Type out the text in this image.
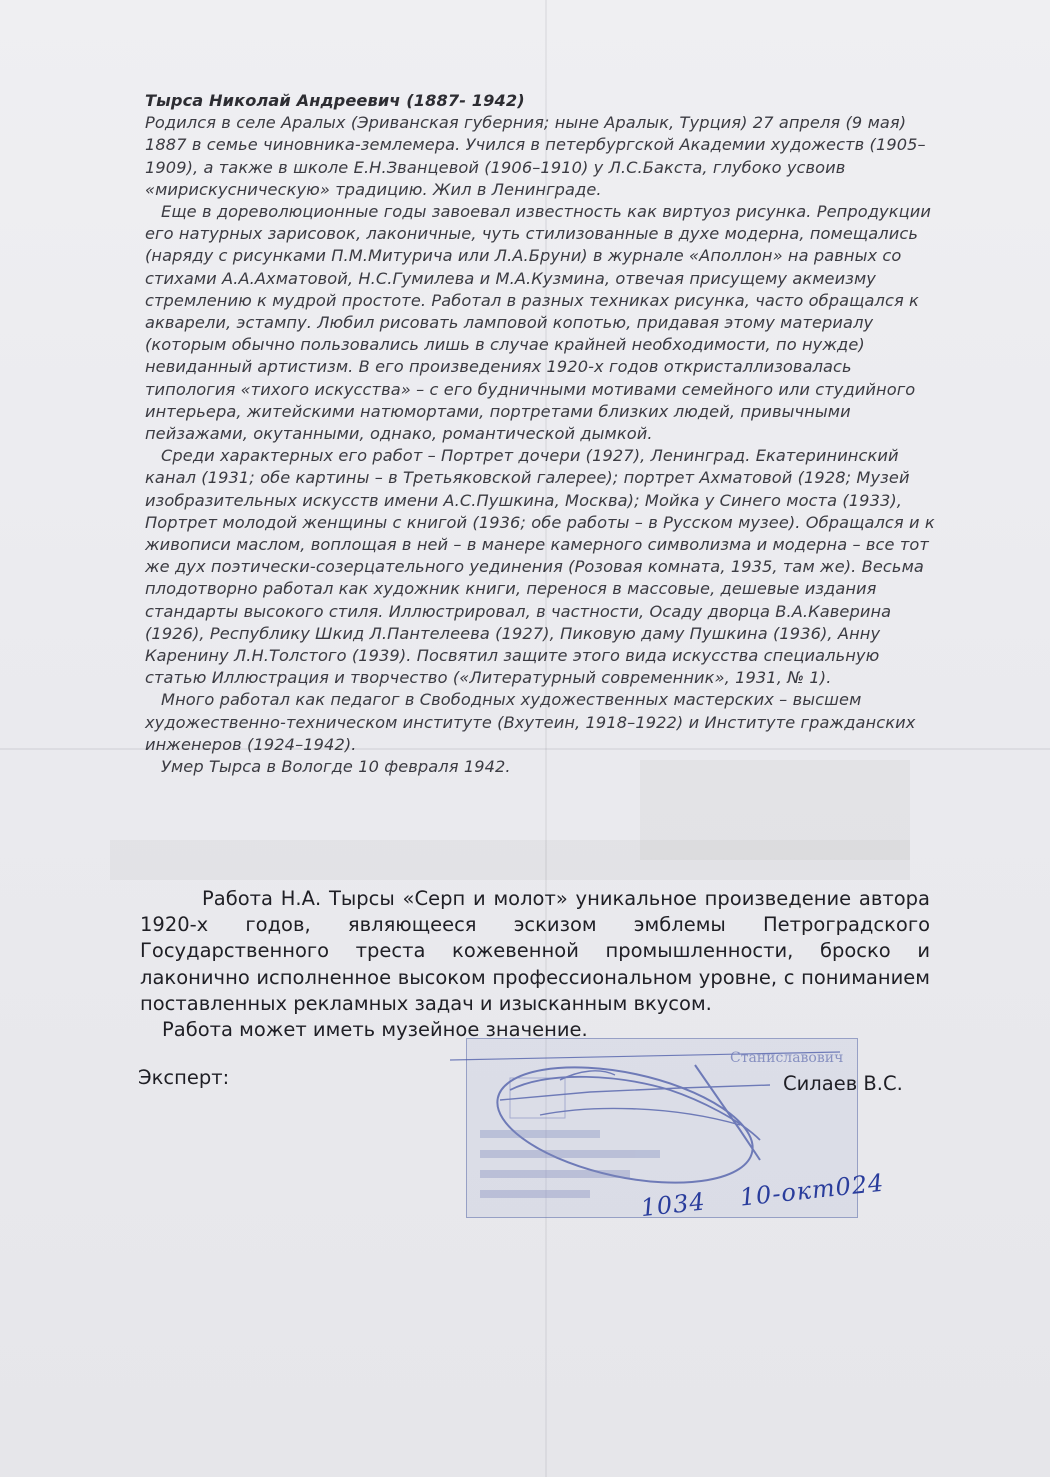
Тырса Николай Андреевич (1887- 1942)

Родился в селе Аралых (Эриванская губерния; ныне Аралык, Турция) 27 апреля (9 мая) 1887 в семье чиновника-землемера. Учился в петербургской Академии художеств (1905–1909), а также в школе Е.Н.Званцевой (1906–1910) у Л.С.Бакста, глубоко усвоив «мирискусническую» традицию. Жил в Ленинграде.

Еще в дореволюционные годы завоевал известность как виртуоз рисунка. Репродукции его натурных зарисовок, лаконичные, чуть стилизованные в духе модерна, помещались (наряду с рисунками П.М.Митурича или Л.А.Бруни) в журнале «Аполлон» на равных со стихами А.А.Ахматовой, Н.С.Гумилева и М.А.Кузмина, отвечая присущему акмеизму стремлению к мудрой простоте. Работал в разных техниках рисунка, часто обращался к акварели, эстампу. Любил рисовать ламповой копотью, придавая этому материалу (которым обычно пользовались лишь в случае крайней необходимости, по нужде) невиданный артистизм. В его произведениях 1920-х годов откристаллизовалась типология «тихого искусства» – с его будничными мотивами семейного или студийного интерьера, житейскими натюмортами, портретами близких людей, привычными пейзажами, окутанными, однако, романтической дымкой.

Среди характерных его работ – Портрет дочери (1927), Ленинград. Екатерининский канал (1931; обе картины – в Третьяковской галерее); портрет Ахматовой (1928; Музей изобразительных искусств имени А.С.Пушкина, Москва); Мойка у Синего моста (1933), Портрет молодой женщины с книгой (1936; обе работы – в Русском музее). Обращался и к живописи маслом, воплощая в ней – в манере камерного символизма и модерна – все тот же дух поэтически-созерцательного уединения (Розовая комната, 1935, там же). Весьма плодотворно работал как художник книги, перенося в массовые, дешевые издания стандарты высокого стиля. Иллюстрировал, в частности, Осаду дворца В.А.Каверина (1926), Республику Шкид Л.Пантелеева (1927), Пиковую даму Пушкина (1936), Анну Каренину Л.Н.Толстого (1939). Посвятил защите этого вида искусства специальную статью Иллюстрация и творчество («Литературный современник», 1931, № 1).

Много работал как педагог в Свободных художественных мастерских – высшем художественно-техническом институте (Вхутеин, 1918–1922) и Институте гражданских инженеров (1924–1942).

Умер Тырса в Вологде 10 февраля 1942.

Работа Н.А. Тырсы «Серп и молот» уникальное произведение автора 1920-х годов, являющееся эскизом эмблемы Петроградского Государственного треста кожевенной промышленности, броско и лаконично исполненное высоком профессиональном уровне, с пониманием поставленных рекламных задач и изысканным вкусом.

Работа может иметь музейное значение.

Станиславович
Эксперт:	Силаев В.С.
1034 10-окт024
